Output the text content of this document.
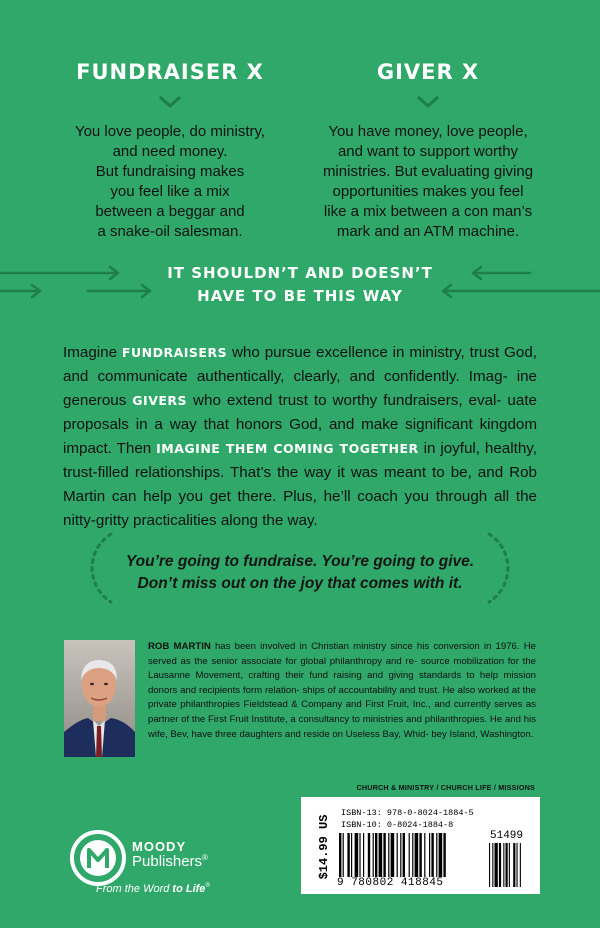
FUNDRAISER X
You love people, do ministry,
and need money.
But fundraising makes
you feel like a mix
between a beggar and
a snake-oil salesman.
GIVER X
You have money, love people,
and want to support worthy
ministries. But evaluating giving
opportunities makes you feel
like a mix between a con man’s
mark and an ATM machine.
IT SHOULDN’T AND DOESN’T
HAVE TO BE THIS WAY
Imagine FUNDRAISERS who pursue excellence in ministry, trust God, and communicate authentically, clearly, and confidently. Imag- ine generous GIVERS who extend trust to worthy fundraisers, eval- uate proposals in a way that honors God, and make significant kingdom impact. Then IMAGINE THEM COMING TOGETHER in joyful, healthy, trust-filled relationships. That’s the way it was meant to be, and Rob Martin can help you get there. Plus, he’ll coach you through all the nitty-gritty practicalities along the way.
You’re going to fundraise. You’re going to give.
Don’t miss out on the joy that comes with it.
ROB MARTIN has been involved in Christian ministry since his conversion in 1976. He served as the senior associate for global philanthropy and re- source mobilization for the Lausanne Movement, crafting their fund raising and giving standards to help mission donors and recipients form relation- ships of accountability and trust. He also worked at the private philanthropies Fieldstead & Company and First Fruit, Inc., and currently serves as partner of the First Fruit Institute, a consultancy to ministries and philanthropies. He and his wife, Bev, have three daughters and reside on Useless Bay, Whid- bey Island, Washington.
CHURCH & MINISTRY / CHURCH LIFE / MISSIONS
MOODY
Publishers®
From the Word to Life®
$14.99 US
ISBN-13: 978-0-8024-1884-5
ISBN-10: 0-8024-1884-8
51499
9 780802 418845
